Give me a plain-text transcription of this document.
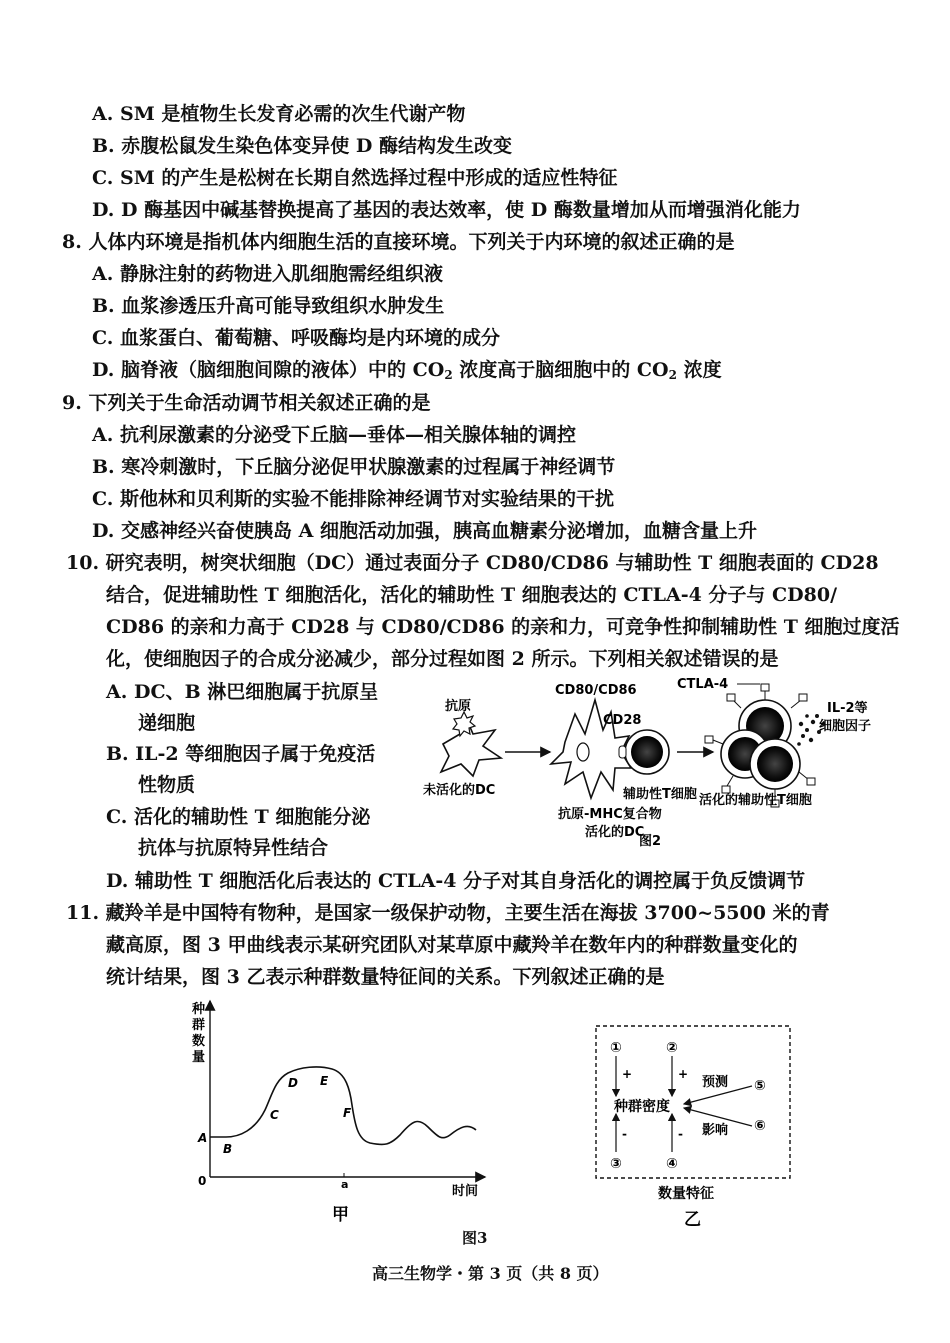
A. SM 是植物生长发育必需的次生代谢产物
B. 赤腹松鼠发生染色体变异使 D 酶结构发生改变
C. SM 的产生是松树在长期自然选择过程中形成的适应性特征
D. D 酶基因中碱基替换提高了基因的表达效率，使 D 酶数量增加从而增强消化能力
8. 人体内环境是指机体内细胞生活的直接环境。下列关于内环境的叙述正确的是
A. 静脉注射的药物进入肌细胞需经组织液
B. 血浆渗透压升高可能导致组织水肿发生
C. 血浆蛋白、葡萄糖、呼吸酶均是内环境的成分
D. 脑脊液（脑细胞间隙的液体）中的 $CO_2$ 浓度高于脑细胞中的 $CO_2$ 浓度
9. 下列关于生命活动调节相关叙述正确的是
A. 抗利尿激素的分泌受下丘脑—垂体—相关腺体轴的调控
B. 寒冷刺激时，下丘脑分泌促甲状腺激素的过程属于神经调节
C. 斯他林和贝利斯的实验不能排除神经调节对实验结果的干扰
D. 交感神经兴奋使胰岛 A 细胞活动加强，胰高血糖素分泌增加，血糖含量上升
10. 研究表明，树突状细胞（DC）通过表面分子 CD80/CD86 与辅助性 T 细胞表面的 CD28
结合，促进辅助性 T 细胞活化，活化的辅助性 T 细胞表达的 CTLA-4 分子与 CD80/
CD86 的亲和力高于 CD28 与 CD80/CD86 的亲和力，可竞争性抑制辅助性 T 细胞过度活
化，使细胞因子的合成分泌减少，部分过程如图 2 所示。下列相关叙述错误的是
A. DC、B 淋巴细胞属于抗原呈
递细胞
B. IL-2 等细胞因子属于免疫活
性物质
C. 活化的辅助性 T 细胞能分泌
抗体与抗原特异性结合
D. 辅助性 T 细胞活化后表达的 CTLA-4 分子对其自身活化的调控属于负反馈调节
抗原
未活化的DC
CD80/CD86
CD28
辅助性T细胞
抗原-MHC复合物
活化的DC
CTLA-4
IL-2等
细胞因子
活化的辅助性T细胞
图2
11. 藏羚羊是中国特有物种，是国家一级保护动物，主要生活在海拔 3700~5500 米的青
藏高原，图 3 甲曲线表示某研究团队对某草原中藏羚羊在数年内的种群数量变化的
统计结果，图 3 乙表示种群数量特征间的关系。下列叙述正确的是
种
群
数
量
0	a	时间
A
B
C
D E
F
甲
①	②
③	④
⑤
⑥
+	+
-	-
种群密度
预测
影响
数量特征
乙
图3
高三生物学・第 3 页（共 8 页）
